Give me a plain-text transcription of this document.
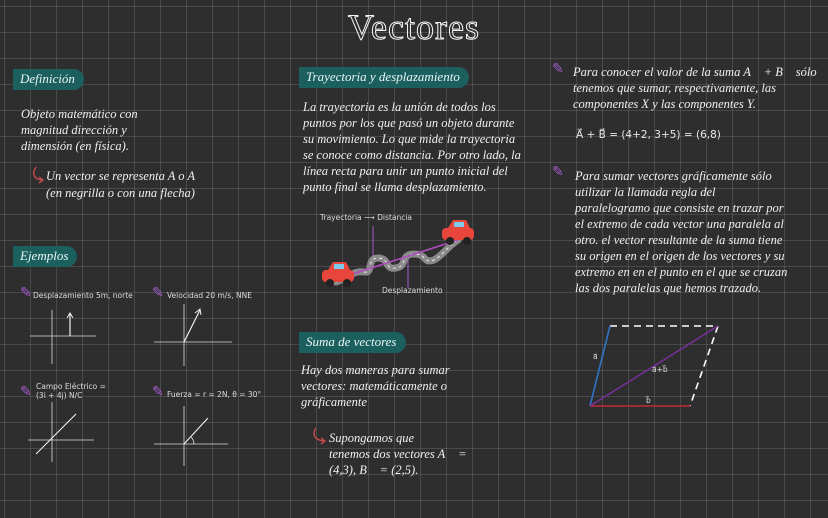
Vectores
Definición
Objeto matemático con magnitud dirección y dimensión (en física).
Un vector se representa A o A⃗
(en negrilla o con una flecha)
Ejemplos
✎ Desplazamiento 5m, norte ✎ Velocidad 20 m/s, NNE
✎ Campo Eléctrico = (3i + 4j) N/C	✎ Fuerza = r = 2N, θ = 30°
Trayectoria y desplazamiento
La trayectoria es la unión de todos los puntos por los que pasó un objeto durante su movimiento. Lo que mide la trayectoria se conoce como distancia. Por otro lado, la línea recta para unir un punto inicial del punto final se llama desplazamiento.
Trayectoria ⟶ Distancia
Desplazamiento
Suma de vectores
Hay dos maneras para sumar vectores: matemáticamente o gráficamente
Supongamos que
tenemos dos vectores A⃗ =
(4,3), B⃗ = (2,5).
✎ Para conocer el valor de la suma A⃗ + B⃗ sólo
tenemos que sumar, respectivamente, las
componentes X y las componentes Y.
A⃗ + B⃗ = (4+2, 3+5) = (6,8)
✎ Para sumar vectores gráficamente sólo utilizar la llamada regla del paralelogramo que consiste en trazar por el extremo de cada vector una paralela al otro. el vector resultante de la suma tiene su origen en el origen de los vectores y su extremo en en el punto en el que se cruzan las dos paralelas que hemos trazado.
a⃗
b⃗
a⃗+b⃗
